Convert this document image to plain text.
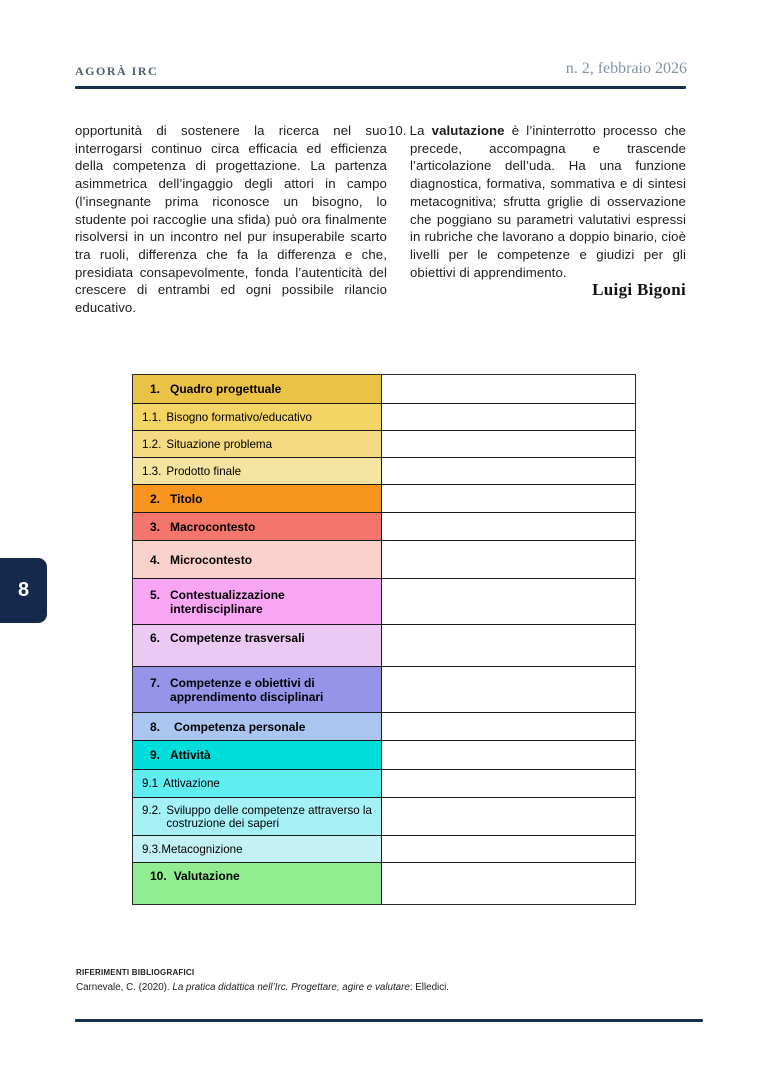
AGORÀ IRC	n. 2, febbraio 2026
opportunità di sostenere la ricerca nel suo interrogarsi continuo circa efficacia ed efficienza della competenza di progettazione. La partenza asimmetrica dell’ingaggio degli attori in campo (l’insegnante prima riconosce un bisogno, lo studente poi raccoglie una sfida) può ora finalmente risolversi in un incontro nel pur insuperabile scarto tra ruoli, differenza che fa la differenza e che, presidiata consapevolmente, fonda l’autenticità del crescere di entrambi ed ogni possibile rilancio educativo.

10. La valutazione è l’ininterrotto processo che precede, accompagna e trascende l’articolazione dell’uda. Ha una funzione diagnostica, formativa, sommativa e di sintesi metacognitiva; sfrutta griglie di osservazione che poggiano su parametri valutativi espressi in rubriche che lavorano a doppio binario, cioè livelli per le competenze e giudizi per gli obiettivi di apprendimento.

Luigi Bigoni

8
1. Quadro progettuale
1.1. Bisogno formativo/educativo
1.2. Situazione problema
1.3. Prodotto finale
2. Titolo
3. Macrocontesto
4. Microcontesto
5. Contestualizzazione interdisciplinare
6. Competenze trasversali
7. Competenze e obiettivi di apprendimento disciplinari
8. Competenza personale
9. Attività
9.1 Attivazione
9.2. Sviluppo delle competenze attraverso la costruzione dei saperi
9.3. Metacognizione
10. Valutazione
RIFERIMENTI BIBLIOGRAFICI
Carnevale, C. (2020). La pratica didattica nell’Irc. Progettare, agire e valutare: Elledici.
